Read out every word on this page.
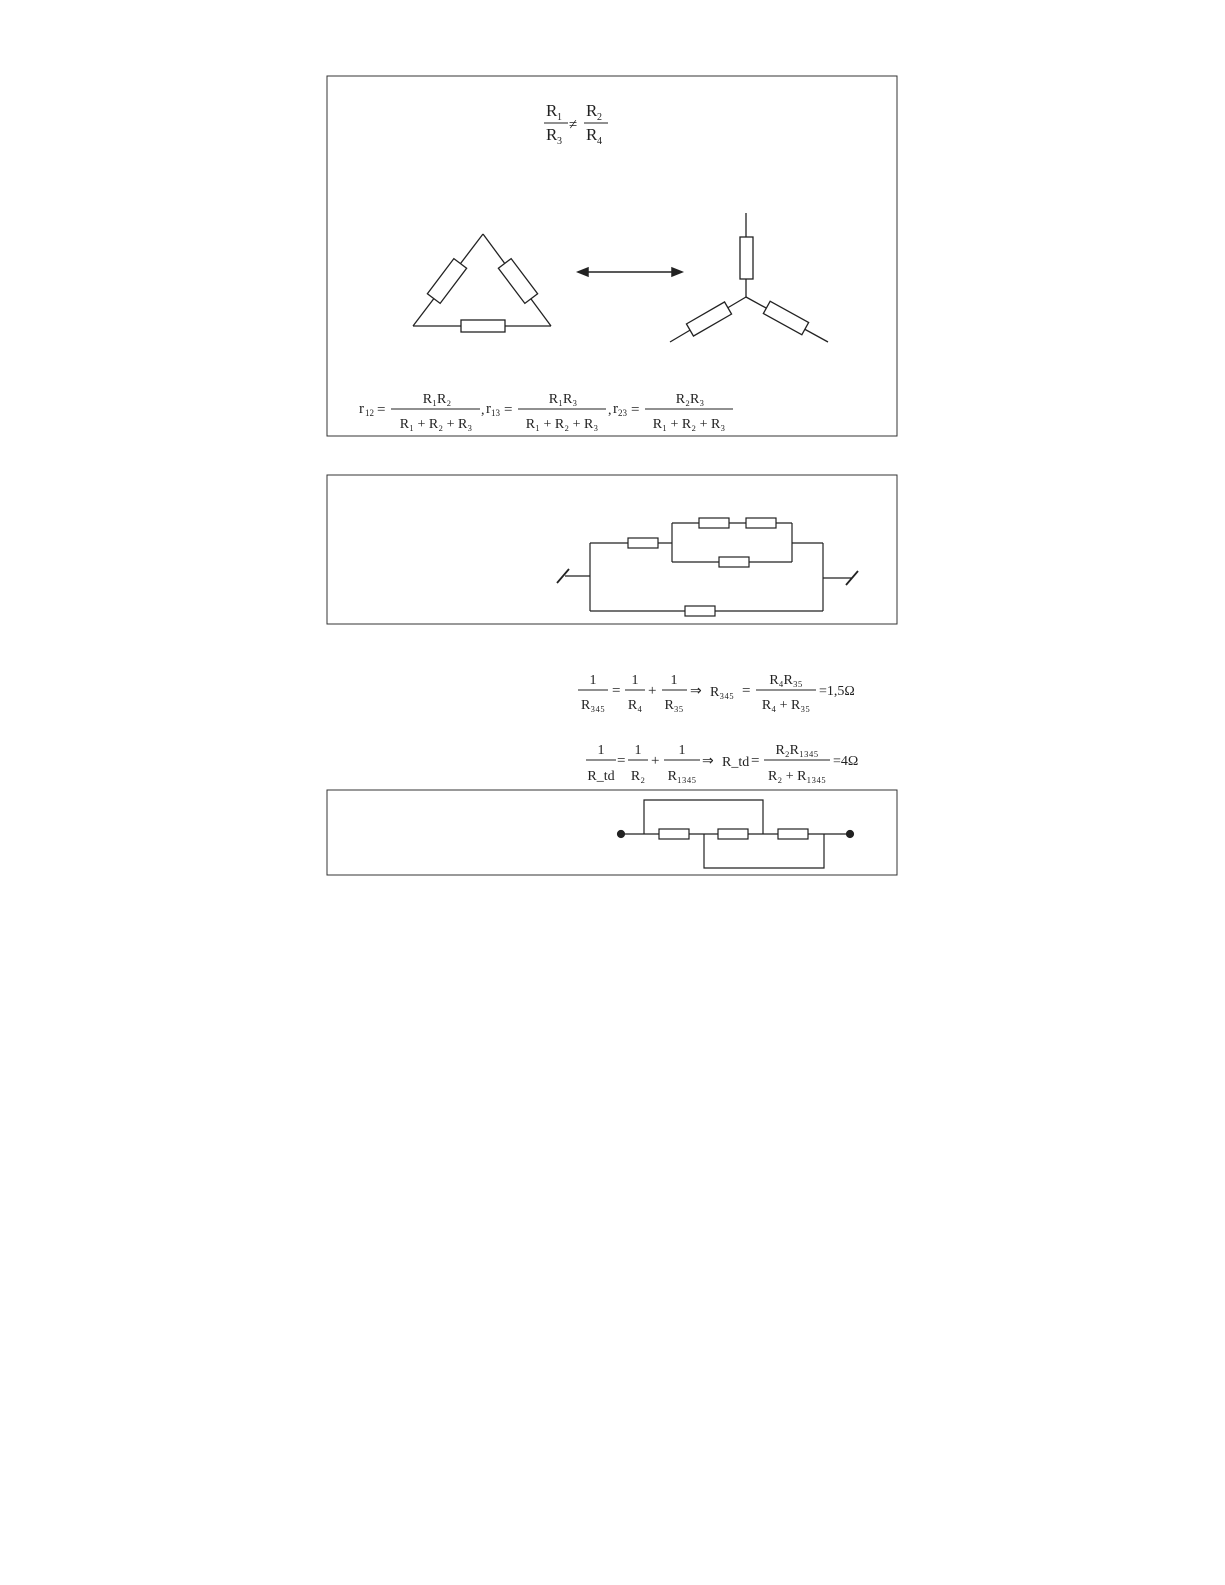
R 1
R 3
≠
R 2
R 4
r 12 =
R₁R₂
R₁ + R₂ + R₃
, r 13 =
R₁R₃
R₁ + R₂ + R₃
, r 23 =
R₂R₃
R₁ + R₂ + R₃
1
R₃₄₅
=
1
R₄
+
1
R₃₅
⇒ R₃₄₅ =
R₄R₃₅
R₄ + R₃₅
=1,5Ω
1
R_td
=
1
R₂
+
1
R₁₃₄₅
⇒ R_td =
R₂R₁₃₄₅
R₂ + R₁₃₄₅
=4Ω
